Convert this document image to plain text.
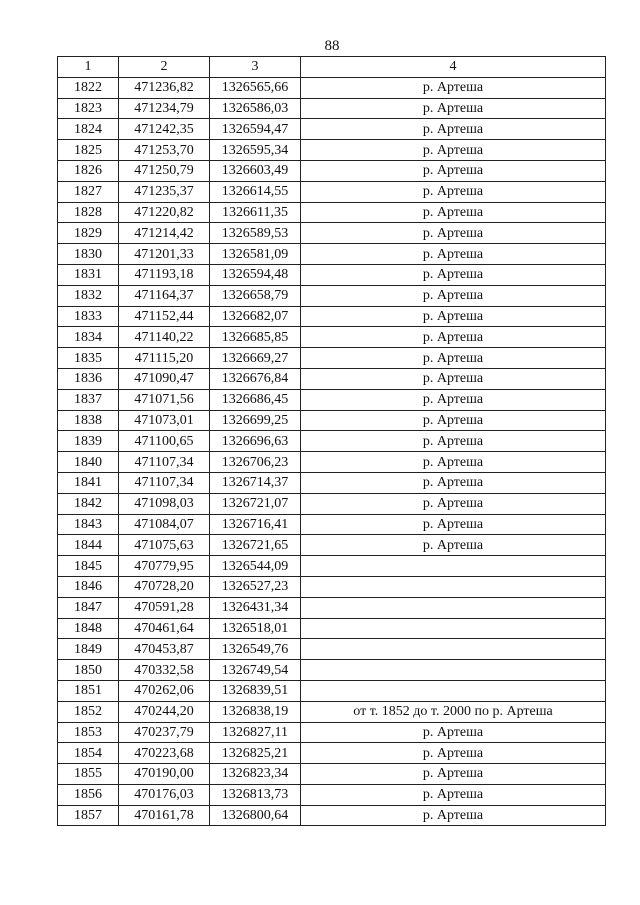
88
1	2	3	4
1822	471236,82	1326565,66	р. Артеша
1823	471234,79	1326586,03	р. Артеша
1824	471242,35	1326594,47	р. Артеша
1825	471253,70	1326595,34	р. Артеша
1826	471250,79	1326603,49	р. Артеша
1827	471235,37	1326614,55	р. Артеша
1828	471220,82	1326611,35	р. Артеша
1829	471214,42	1326589,53	р. Артеша
1830	471201,33	1326581,09	р. Артеша
1831	471193,18	1326594,48	р. Артеша
1832	471164,37	1326658,79	р. Артеша
1833	471152,44	1326682,07	р. Артеша
1834	471140,22	1326685,85	р. Артеша
1835	471115,20	1326669,27	р. Артеша
1836	471090,47	1326676,84	р. Артеша
1837	471071,56	1326686,45	р. Артеша
1838	471073,01	1326699,25	р. Артеша
1839	471100,65	1326696,63	р. Артеша
1840	471107,34	1326706,23	р. Артеша
1841	471107,34	1326714,37	р. Артеша
1842	471098,03	1326721,07	р. Артеша
1843	471084,07	1326716,41	р. Артеша
1844	471075,63	1326721,65	р. Артеша
1845	470779,95	1326544,09	
1846	470728,20	1326527,23	
1847	470591,28	1326431,34	
1848	470461,64	1326518,01	
1849	470453,87	1326549,76	
1850	470332,58	1326749,54	
1851	470262,06	1326839,51	
1852	470244,20	1326838,19	от т. 1852 до т. 2000 по р. Артеша
1853	470237,79	1326827,11	р. Артеша
1854	470223,68	1326825,21	р. Артеша
1855	470190,00	1326823,34	р. Артеша
1856	470176,03	1326813,73	р. Артеша
1857	470161,78	1326800,64	р. Артеша
